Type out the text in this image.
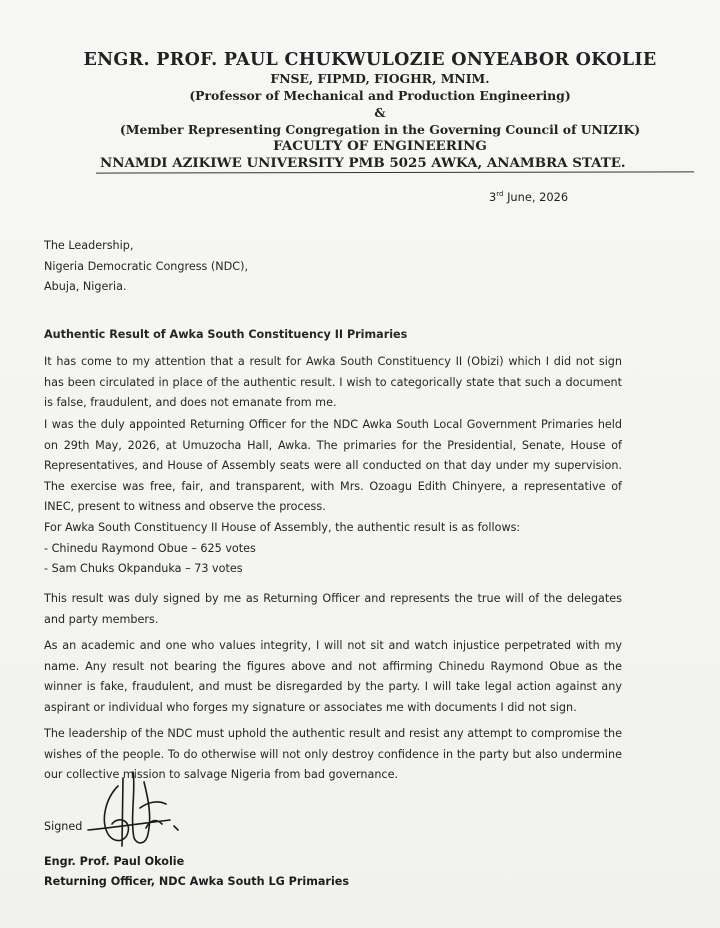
ENGR. PROF. PAUL CHUKWULOZIE ONYEABOR OKOLIE
FNSE, FIPMD, FIOGHR, MNIM.
(Professor of Mechanical and Production Engineering)
&
(Member Representing Congregation in the Governing Council of UNIZIK)
FACULTY OF ENGINEERING
NNAMDI AZIKIWE UNIVERSITY PMB 5025 AWKA, ANAMBRA STATE.
3rd June, 2026
The Leadership,
Nigeria Democratic Congress (NDC),
Abuja, Nigeria.
Authentic Result of Awka South Constituency II Primaries
It has come to my attention that a result for Awka South Constituency II (Obizi) which I did not sign has been circulated in place of the authentic result. I wish to categorically state that such a document is false, fraudulent, and does not emanate from me.
I was the duly appointed Returning Officer for the NDC Awka South Local Government Primaries held on 29th May, 2026, at Umuzocha Hall, Awka. The primaries for the Presidential, Senate, House of Representatives, and House of Assembly seats were all conducted on that day under my supervision. The exercise was free, fair, and transparent, with Mrs. Ozoagu Edith Chinyere, a representative of INEC, present to witness and observe the process.
For Awka South Constituency II House of Assembly, the authentic result is as follows:
- Chinedu Raymond Obue – 625 votes
- Sam Chuks Okpanduka – 73 votes
This result was duly signed by me as Returning Officer and represents the true will of the delegates and party members.
As an academic and one who values integrity, I will not sit and watch injustice perpetrated with my name. Any result not bearing the figures above and not affirming Chinedu Raymond Obue as the winner is fake, fraudulent, and must be disregarded by the party. I will take legal action against any aspirant or individual who forges my signature or associates me with documents I did not sign.
The leadership of the NDC must uphold the authentic result and resist any attempt to compromise the wishes of the people. To do otherwise will not only destroy confidence in the party but also undermine our collective mission to salvage Nigeria from bad governance.
Signed
Engr. Prof. Paul Okolie
Returning Officer, NDC Awka South LG Primaries
